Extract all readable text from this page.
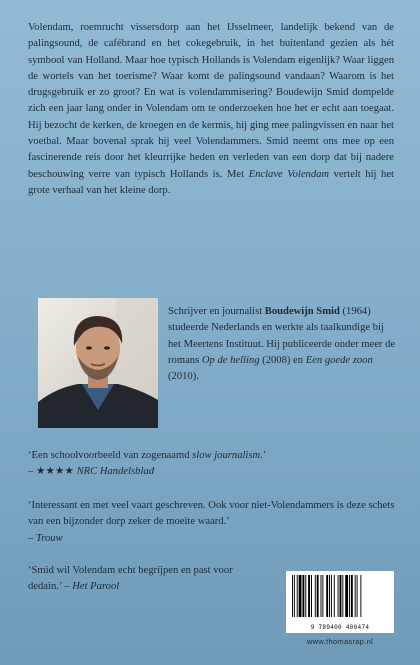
Volendam, roemrucht vissersdorp aan het IJsselmeer, landelijk bekend van de palingsound, de cafébrand en het cokegebruik, in het buitenland gezien als hét symbool van Holland. Maar hoe typisch Hollands is Volendam eigenlijk? Waar liggen de wortels van het toerisme? Waar komt de palingsound vandaan? Waarom is het drugsgebruik er zo groot? En wat is volendammisering? Boudewijn Smid dompelde zich een jaar lang onder in Volendam om te onderzoeken hoe het er echt aan toegaat. Hij bezocht de kerken, de kroegen en de kermis, hij ging mee palingvissen en naar het voetbal. Maar bovenal sprak hij veel Volendammers. Smid neemt ons mee op een fascinerende reis door het kleurrijke heden en verleden van een dorp dat bij nadere beschouwing verre van typisch Hollands is. Met Enclave Volendam vertelt hij het grote verhaal van het kleine dorp.

Schrijver en journalist Boudewijn Smid (1964) studeerde Nederlands en werkte als taalkundige bij het Meertens Instituut. Hij publiceerde onder meer de romans Op de helling (2008) en Een goede zoon (2010).

‘Een schoolvoorbeeld van zogenaamd slow journalism.’
– ★★★★ NRC Handelsblad

‘Interessant en met veel vaart geschreven. Ook voor niet-Volendammers is deze schets van een bijzonder dorp zeker de moeite waard.’
– Trouw

‘Smid wil Volendam echt begrijpen en past voor dedain.’ – Het Parool

9 789400 400474
www.thomasrap.nl
